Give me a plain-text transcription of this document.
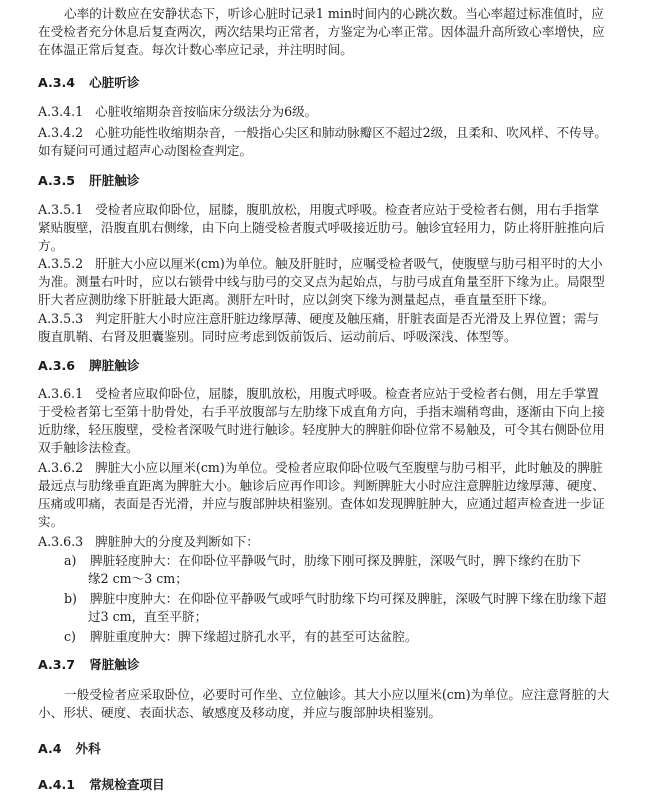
心率的计数应在安静状态下，听诊心脏时记录1 min时间内的心跳次数。当心率超过标准值时，应
在受检者充分休息后复查两次，两次结果均正常者，方鉴定为心率正常。因体温升高所致心率增快，应
在体温正常后复查。每次计数心率应记录，并注明时间。
A.3.4 心脏听诊
A.3.4.1 心脏收缩期杂音按临床分级法分为6级。
A.3.4.2 心脏功能性收缩期杂音，一般指心尖区和肺动脉瓣区不超过2级，且柔和、吹风样、不传导。
如有疑问可通过超声心动图检查判定。
A.3.5 肝脏触诊
A.3.5.1 受检者应取仰卧位，屈膝，腹肌放松，用腹式呼吸。检查者应站于受检者右侧，用右手指掌
紧贴腹壁，沿腹直肌右侧缘，由下向上随受检者腹式呼吸接近肋弓。触诊宜轻用力，防止将肝脏推向后
方。
A.3.5.2 肝脏大小应以厘米(cm)为单位。触及肝脏时，应嘱受检者吸气，使腹壁与肋弓相平时的大小
为准。测量右叶时，应以右锁骨中线与肋弓的交叉点为起始点，与肋弓成直角量至肝下缘为止。局限型
肝大者应测肋缘下肝脏最大距离。测肝左叶时，应以剑突下缘为测量起点，垂直量至肝下缘。
A.3.5.3 判定肝脏大小时应注意肝脏边缘厚薄、硬度及触压痛，肝脏表面是否光滑及上界位置；需与
腹直肌鞘、右肾及胆囊鉴别。同时应考虑到饭前饭后、运动前后、呼吸深浅、体型等。
A.3.6 脾脏触诊
A.3.6.1 受检者应取仰卧位，屈膝，腹肌放松，用腹式呼吸。检查者应站于受检者右侧，用左手掌置
于受检者第七至第十肋骨处，右手平放腹部与左肋缘下成直角方向，手指末端稍弯曲，逐渐由下向上接
近肋缘，轻压腹壁，受检者深吸气时进行触诊。轻度肿大的脾脏仰卧位常不易触及，可令其右侧卧位用
双手触诊法检查。
A.3.6.2 脾脏大小应以厘米(cm)为单位。受检者应取仰卧位吸气至腹壁与肋弓相平，此时触及的脾脏
最远点与肋缘垂直距离为脾脏大小。触诊后应再作叩诊。判断脾脏大小时应注意脾脏边缘厚薄、硬度、
压痛或叩痛，表面是否光滑，并应与腹部肿块相鉴别。查体如发现脾脏肿大，应通过超声检查进一步证
实。
A.3.6.3 脾脏肿大的分度及判断如下：
a) 脾脏轻度肿大：在仰卧位平静吸气时，肋缘下刚可探及脾脏，深吸气时，脾下缘约在肋下
缘2 cm～3 cm；
b) 脾脏中度肿大：在仰卧位平静吸气或呼气时肋缘下均可探及脾脏，深吸气时脾下缘在肋缘下超
过3 cm，直至平脐；
c) 脾脏重度肿大：脾下缘超过脐孔水平，有的甚至可达盆腔。
A.3.7 肾脏触诊
一般受检者应采取卧位，必要时可作坐、立位触诊。其大小应以厘米(cm)为单位。应注意肾脏的大
小、形状、硬度、表面状态、敏感度及移动度，并应与腹部肿块相鉴别。
A.4 外科
A.4.1 常规检查项目
